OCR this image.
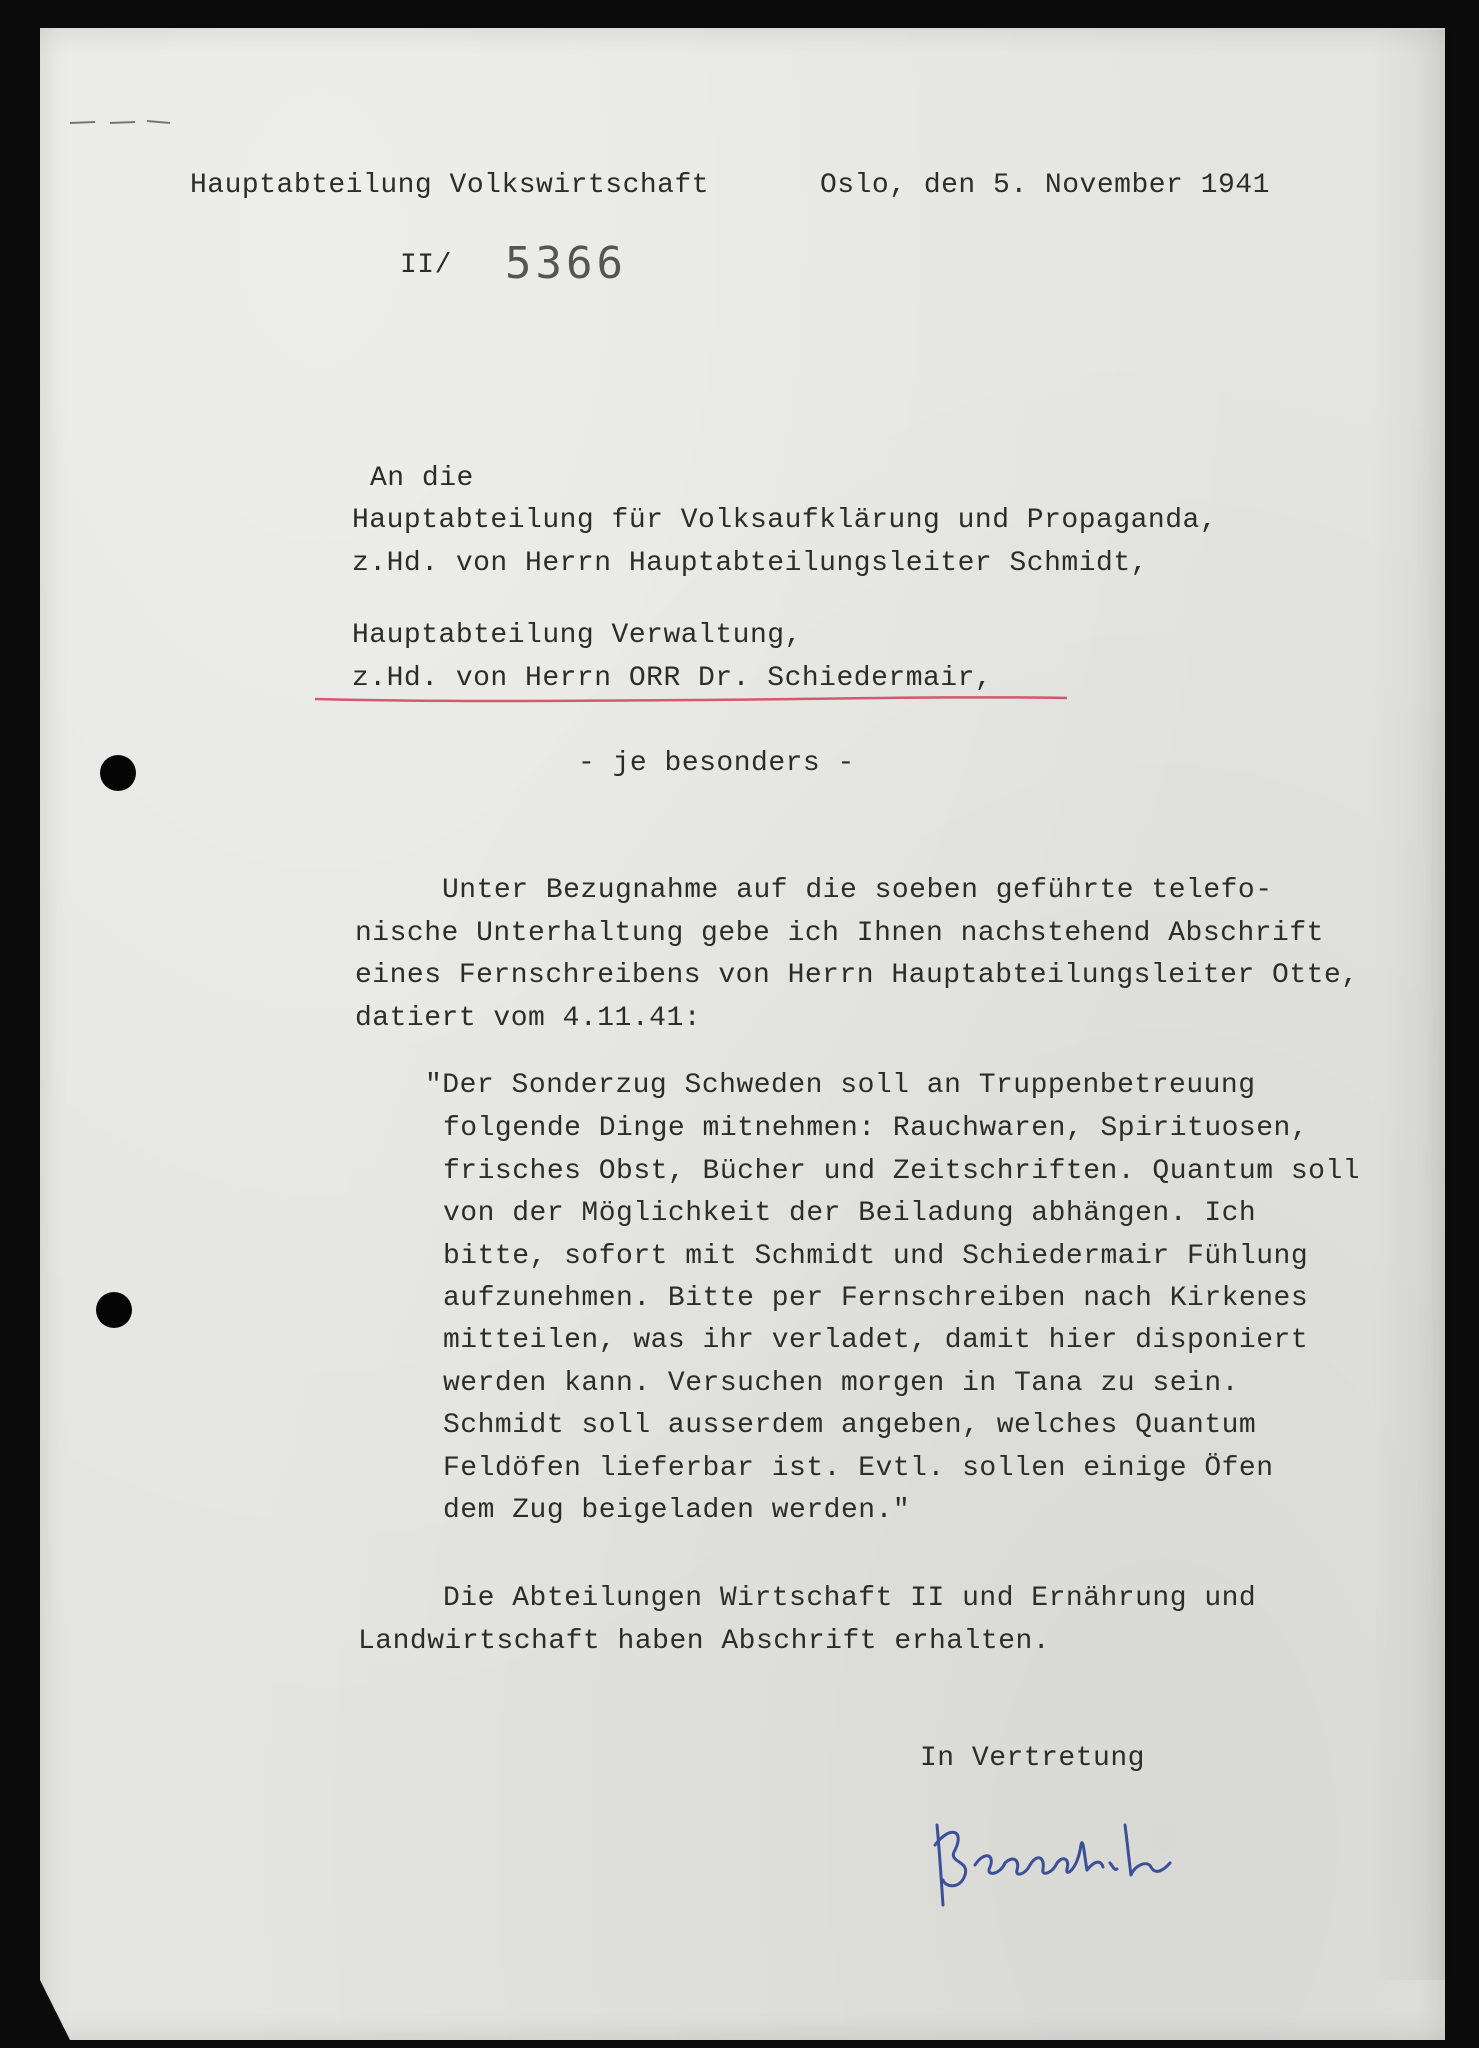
Hauptabteilung Volkswirtschaft	Oslo, den 5. November 1941
II/ 5366
An die
Hauptabteilung für Volksaufklärung und Propaganda,
z.Hd. von Herrn Hauptabteilungsleiter Schmidt,
Hauptabteilung Verwaltung,
z.Hd. von Herrn ORR Dr. Schiedermair,
- je besonders -
Unter Bezugnahme auf die soeben geführte telefo-
nische Unterhaltung gebe ich Ihnen nachstehend Abschrift
eines Fernschreibens von Herrn Hauptabteilungsleiter Otte,
datiert vom 4.11.41:
"Der Sonderzug Schweden soll an Truppenbetreuung
folgende Dinge mitnehmen: Rauchwaren, Spirituosen,
frisches Obst, Bücher und Zeitschriften. Quantum soll
von der Möglichkeit der Beiladung abhängen. Ich
bitte, sofort mit Schmidt und Schiedermair Fühlung
aufzunehmen. Bitte per Fernschreiben nach Kirkenes
mitteilen, was ihr verladet, damit hier disponiert
werden kann. Versuchen morgen in Tana zu sein.
Schmidt soll ausserdem angeben, welches Quantum
Feldöfen lieferbar ist. Evtl. sollen einige Öfen
dem Zug beigeladen werden."
Die Abteilungen Wirtschaft II und Ernährung und
Landwirtschaft haben Abschrift erhalten.
In Vertretung
